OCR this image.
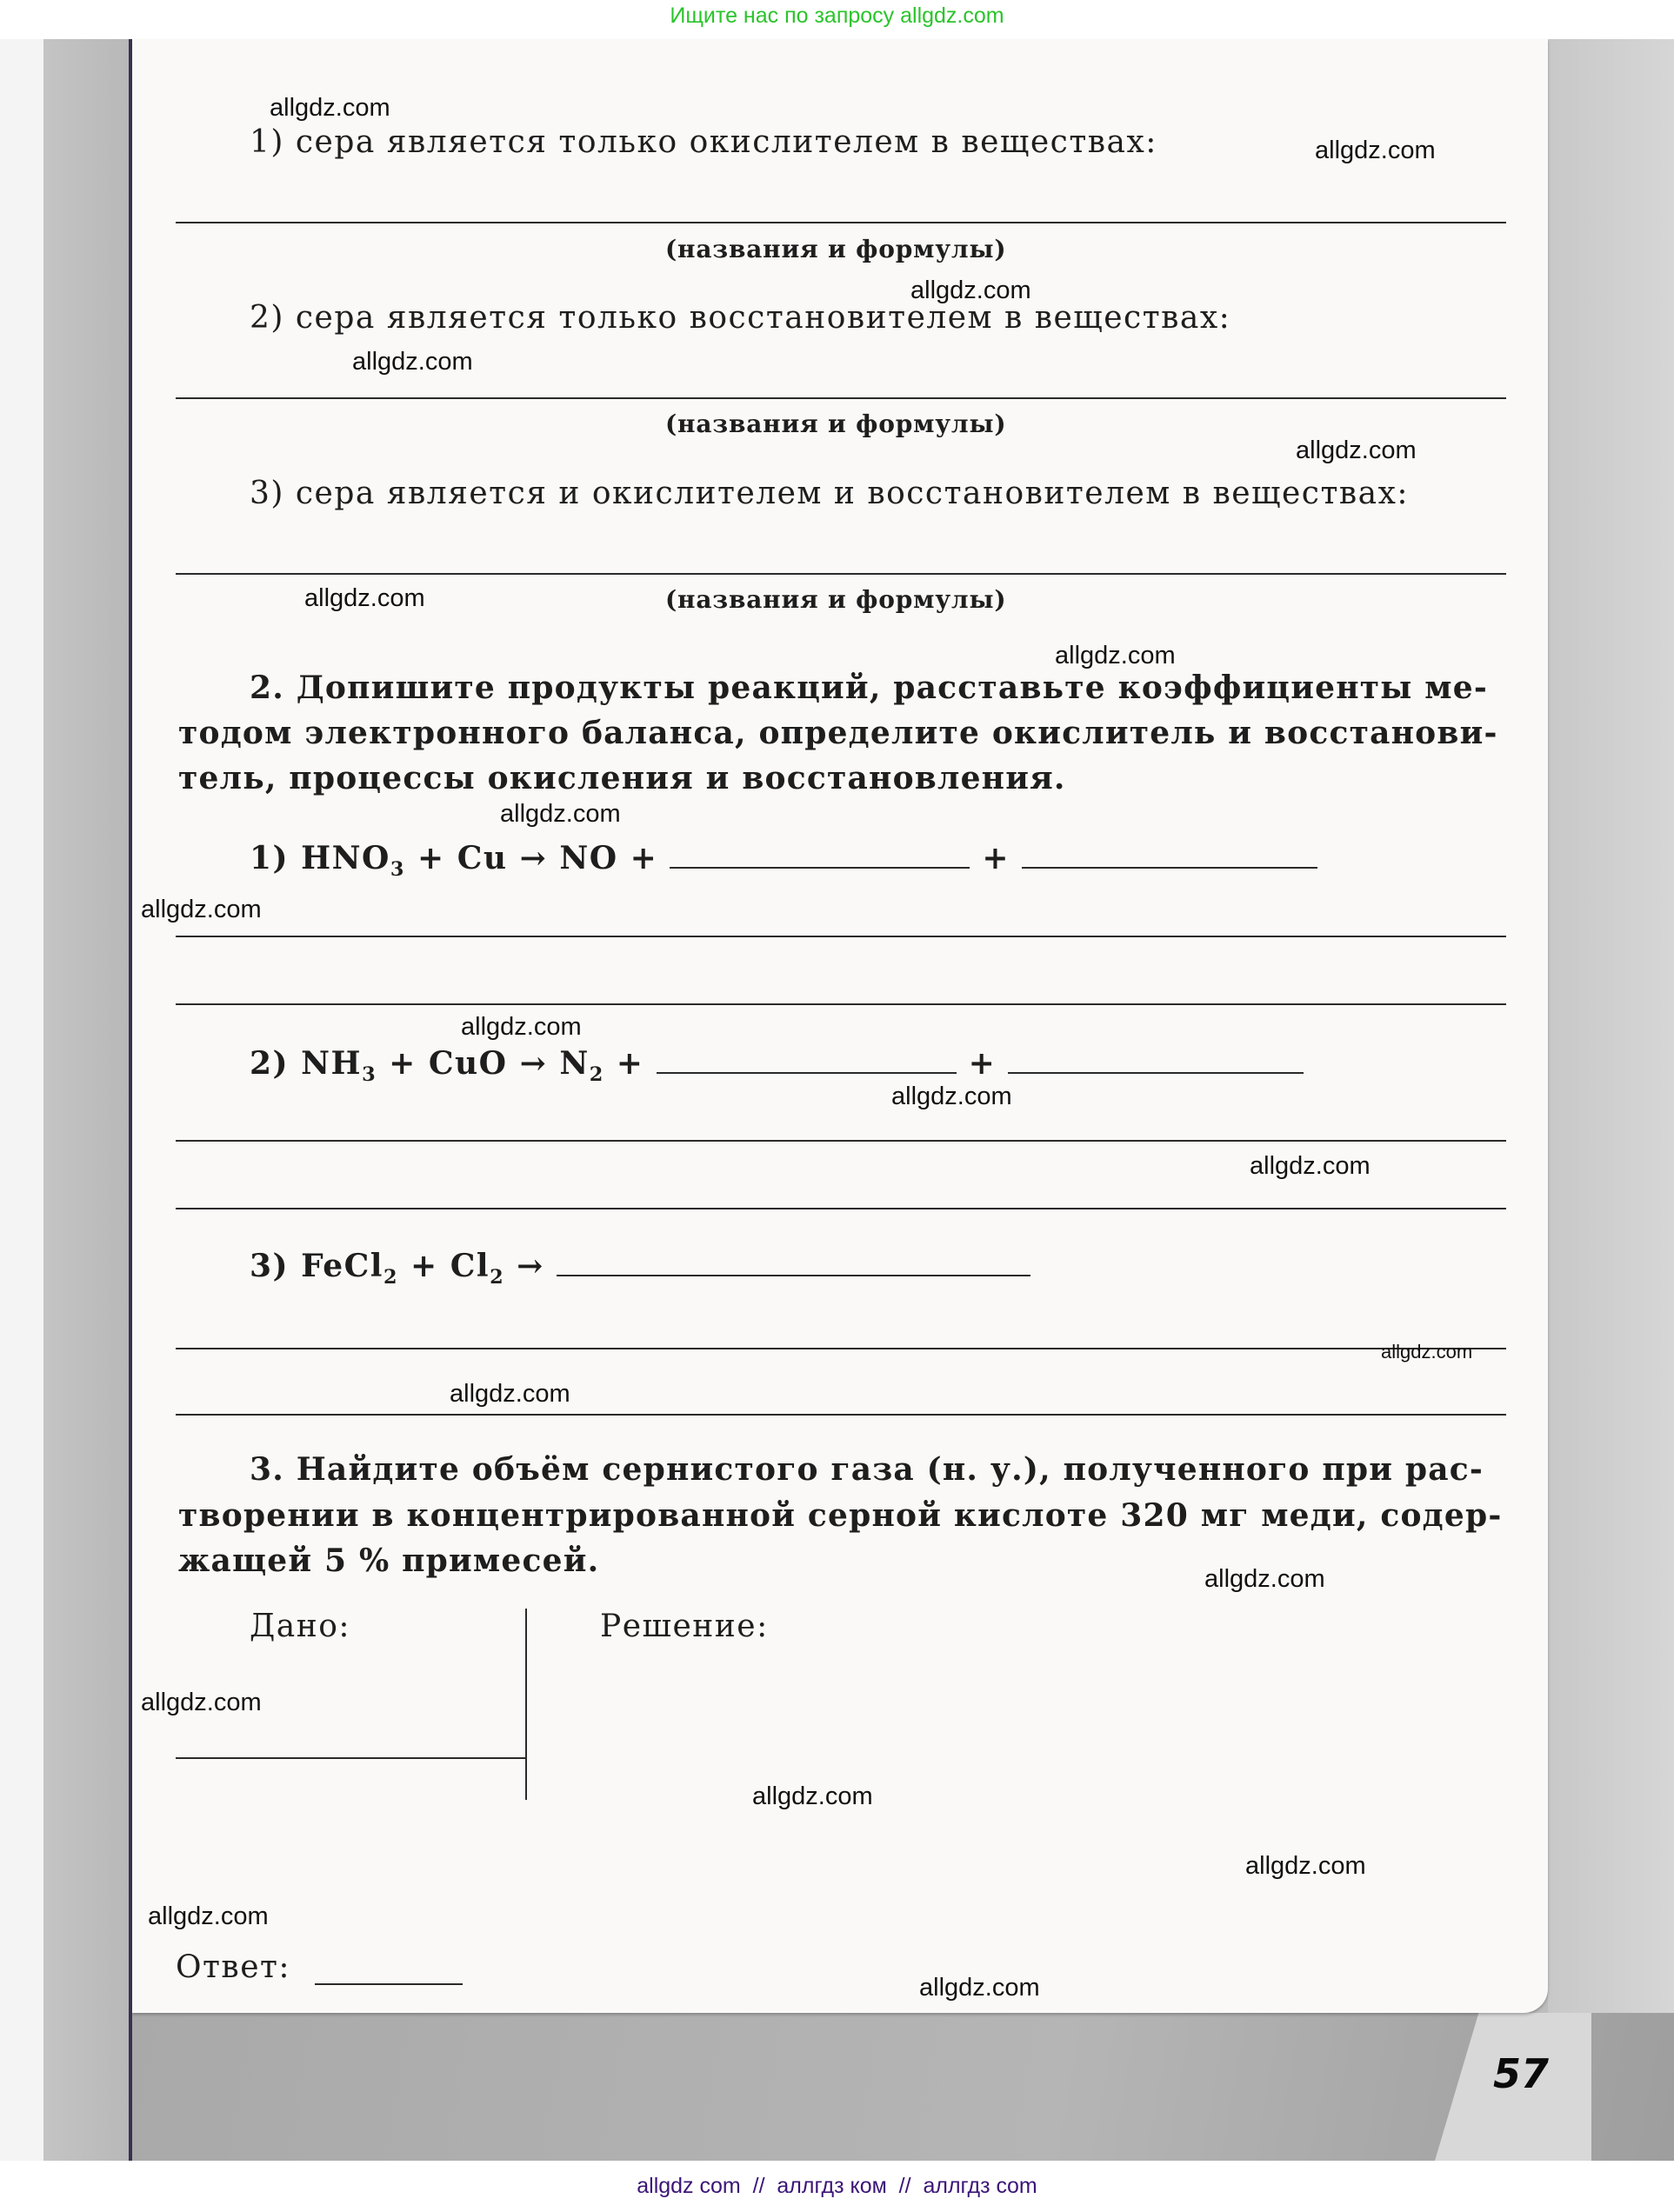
Ищите нас по запросу allgdz.com
1) сера является только окислителем в веществах:
(названия и формулы)
2) сера является только восстановителем в веществах:
(названия и формулы)
3) сера является и окислителем и восстановителем в веществах:
(названия и формулы)
2. Допишите продукты реакций, расставьте коэффициенты ме-
тодом электронного баланса, определите окислитель и восстанови-
тель, процессы окисления и восстановления.
1) $HNO_3 + Cu$ → NO +	+
2) $NH_3$ + CuO → $N_2$ +	+
3) FeCl$_2$ + $Cl_2$ →
3. Найдите объём сернистого газа (н. у.), полученного при рас-
творении в концентрированной серной кислоте 320 мг меди, содер-
жащей 5 % примесей.
Дано:	Решение:
Ответ:
57
allgdz.com
allgdz.com
allgdz.com
allgdz.com
allgdz.com
allgdz.com
allgdz.com
allgdz.com
allgdz.com
allgdz.com
allgdz.com
allgdz.com
allgdz.com
allgdz.com
allgdz.com
allgdz.com
allgdz.com
allgdz.com
allgdz.com
allgdz.com
allgdz com  //  аллгдз ком  //  аллгдз com
